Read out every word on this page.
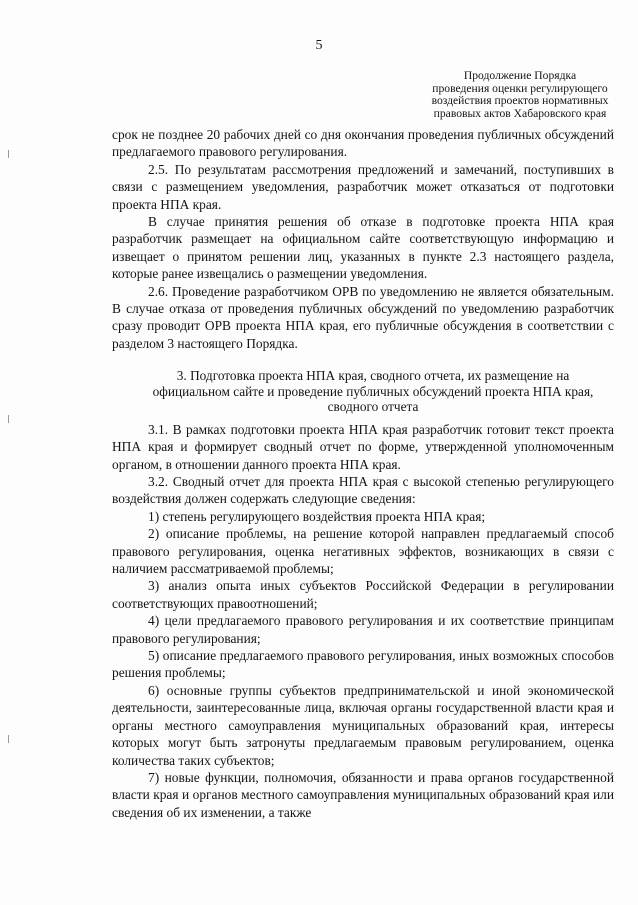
5
Продолжение Порядка
проведения оценки регулирующего
воздействия проектов нормативных
правовых актов Хабаровского края

срок не позднее 20 рабочих дней со дня окончания проведения публичных обсуждений предлагаемого правового регулирования.

2.5. По результатам рассмотрения предложений и замечаний, поступивших в связи с размещением уведомления, разработчик может отказаться от подготовки проекта НПА края.

В случае принятия решения об отказе в подготовке проекта НПА края разработчик размещает на официальном сайте соответствующую информацию и извещает о принятом решении лиц, указанных в пункте 2.3 настоящего раздела, которые ранее извещались о размещении уведомления.

2.6. Проведение разработчиком ОРВ по уведомлению не является обязательным. В случае отказа от проведения публичных обсуждений по уведомлению разработчик сразу проводит ОРВ проекта НПА края, его публичные обсуждения в соответствии с разделом 3 настоящего Порядка.

3. Подготовка проекта НПА края, сводного отчета, их размещение на официальном сайте и проведение публичных обсуждений проекта НПА края, сводного отчета

3.1. В рамках подготовки проекта НПА края разработчик готовит текст проекта НПА края и формирует сводный отчет по форме, утвержденной уполномоченным органом, в отношении данного проекта НПА края.

3.2. Сводный отчет для проекта НПА края с высокой степенью регулирующего воздействия должен содержать следующие сведения:

1) степень регулирующего воздействия проекта НПА края;

2) описание проблемы, на решение которой направлен предлагаемый способ правового регулирования, оценка негативных эффектов, возникающих в связи с наличием рассматриваемой проблемы;

3) анализ опыта иных субъектов Российской Федерации в регулировании соответствующих правоотношений;

4) цели предлагаемого правового регулирования и их соответствие принципам правового регулирования;

5) описание предлагаемого правового регулирования, иных возможных способов решения проблемы;

6) основные группы субъектов предпринимательской и иной экономической деятельности, заинтересованные лица, включая органы государственной власти края и органы местного самоуправления муниципальных образований края, интересы которых могут быть затронуты предлагаемым правовым регулированием, оценка количества таких субъектов;

7) новые функции, полномочия, обязанности и права органов государственной власти края и органов местного самоуправления муниципальных образований края или сведения об их изменении, а также
